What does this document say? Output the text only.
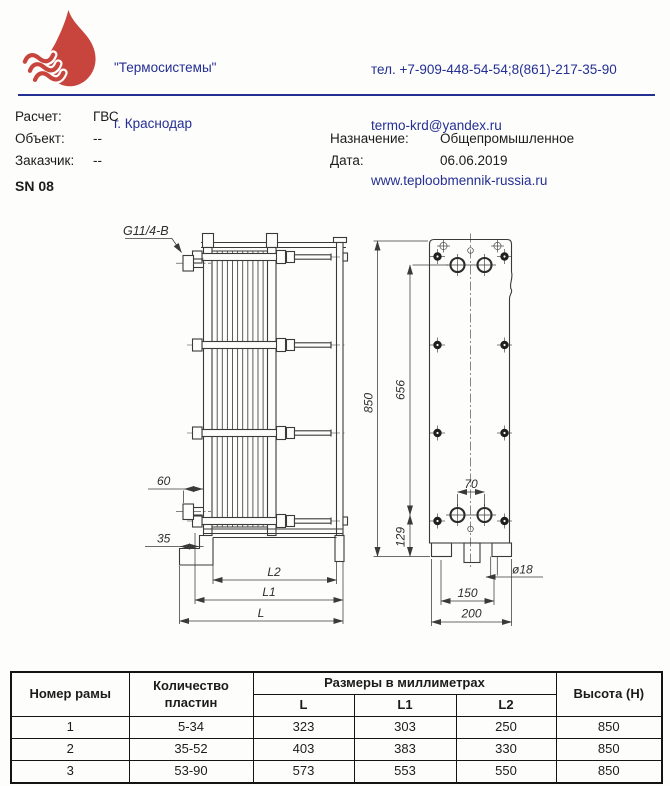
"Термосистемы"

г. Краснодар

тел. +7-909-448-54-54;8(861)-217-35-90

termo-krd@yandex.ru

www.teploobmennik-russia.ru

Расчет: ГВС
Объект: --
Заказчик: --
Назначение: Общепромышленное
Дата:	06.06.2019
SN 08
G11/4-B
60
35
L2
L1
L
850
656
129
70
ø18
150
200
Номер рамы	Количество пластин	Размеры в миллиметрах			Высота (Н)
		L	L1	L2	
1	5-34	323	303	250	850
2	35-52	403	383	330	850
3	53-90	573	553	550	850
